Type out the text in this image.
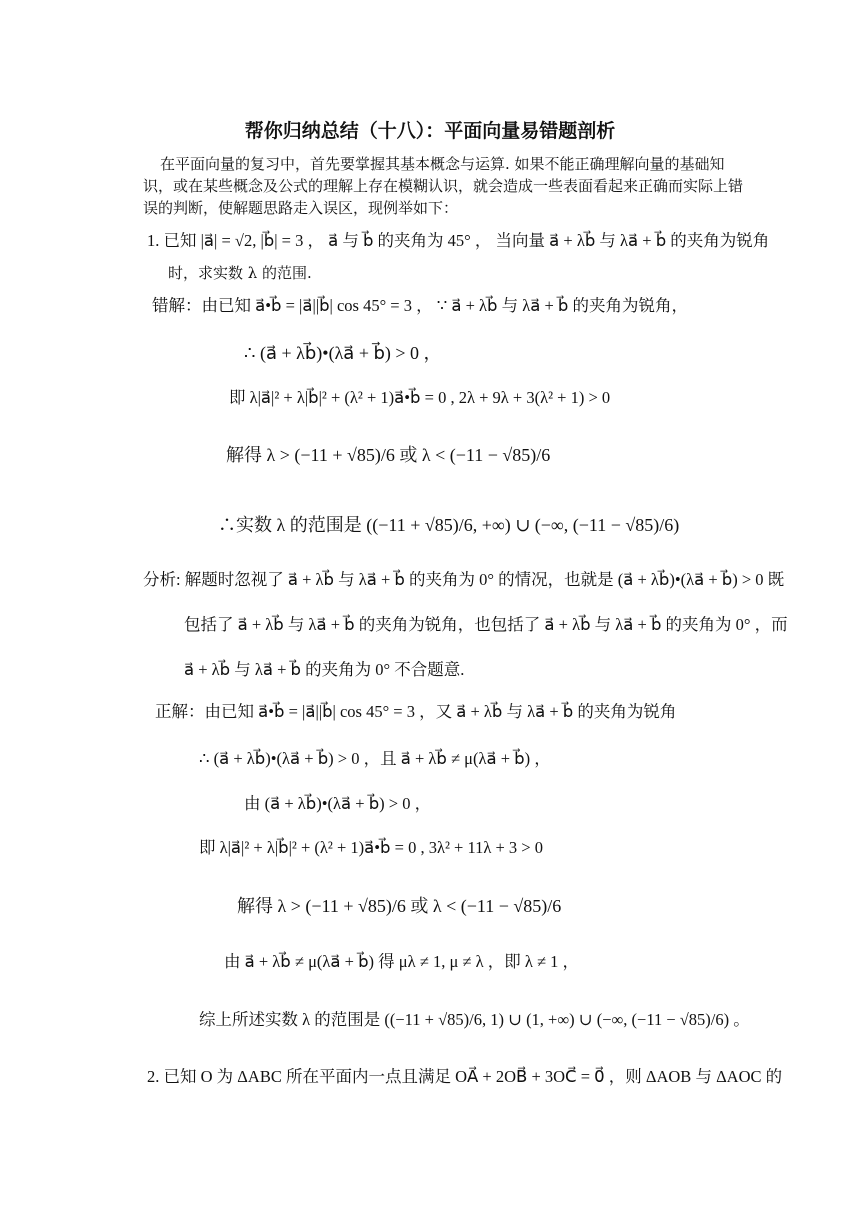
帮你归纳总结（十八）：平面向量易错题剖析
在平面向量的复习中，首先要掌握其基本概念与运算. 如果不能正确理解向量的基础知
识，或在某些概念及公式的理解上存在模糊认识，就会造成一些表面看起来正确而实际上错
误的判断，使解题思路走入误区，现例举如下：
1. 已知 |a⃗| = √2, |b⃗| = 3 ， a⃗ 与 b⃗ 的夹角为 45° ， 当向量 a⃗ + λb⃗ 与 λa⃗ + b⃗ 的夹角为锐角
时，求实数 λ 的范围.
错解：由已知 a⃗•b⃗ = |a⃗||b⃗| cos 45° = 3 ， ∵ a⃗ + λb⃗ 与 λa⃗ + b⃗ 的夹角为锐角，
∴ (a⃗ + λb⃗)•(λa⃗ + b⃗) > 0 ，
即 λ|a⃗|² + λ|b⃗|² + (λ² + 1)a⃗•b⃗ = 0 , 2λ + 9λ + 3(λ² + 1) > 0
解得 λ > (−11 + √85)/6 或 λ < (−11 − √85)/6
∴实数 λ 的范围是 ((−11 + √85)/6, +∞) ∪ (−∞, (−11 − √85)/6)
分析: 解题时忽视了 a⃗ + λb⃗ 与 λa⃗ + b⃗ 的夹角为 0° 的情况，也就是 (a⃗ + λb⃗)•(λa⃗ + b⃗) > 0 既
包括了 a⃗ + λb⃗ 与 λa⃗ + b⃗ 的夹角为锐角，也包括了 a⃗ + λb⃗ 与 λa⃗ + b⃗ 的夹角为 0° ，而
a⃗ + λb⃗ 与 λa⃗ + b⃗ 的夹角为 0° 不合题意.
正解：由已知 a⃗•b⃗ = |a⃗||b⃗| cos 45° = 3 ，又 a⃗ + λb⃗ 与 λa⃗ + b⃗ 的夹角为锐角
∴ (a⃗ + λb⃗)•(λa⃗ + b⃗) > 0 ，且 a⃗ + λb⃗ ≠ μ(λa⃗ + b⃗) ，
由 (a⃗ + λb⃗)•(λa⃗ + b⃗) > 0 ，
即 λ|a⃗|² + λ|b⃗|² + (λ² + 1)a⃗•b⃗ = 0 , 3λ² + 11λ + 3 > 0
解得 λ > (−11 + √85)/6 或 λ < (−11 − √85)/6
由 a⃗ + λb⃗ ≠ μ(λa⃗ + b⃗) 得 μλ ≠ 1, μ ≠ λ ，即 λ ≠ 1 ，
综上所述实数 λ 的范围是 ((−11 + √85)/6, 1) ∪ (1, +∞) ∪ (−∞, (−11 − √85)/6) 。
2. 已知 O 为 ΔABC 所在平面内一点且满足 OA⃗ + 2OB⃗ + 3OC⃗ = 0⃗ ，则 ΔAOB 与 ΔAOC 的
